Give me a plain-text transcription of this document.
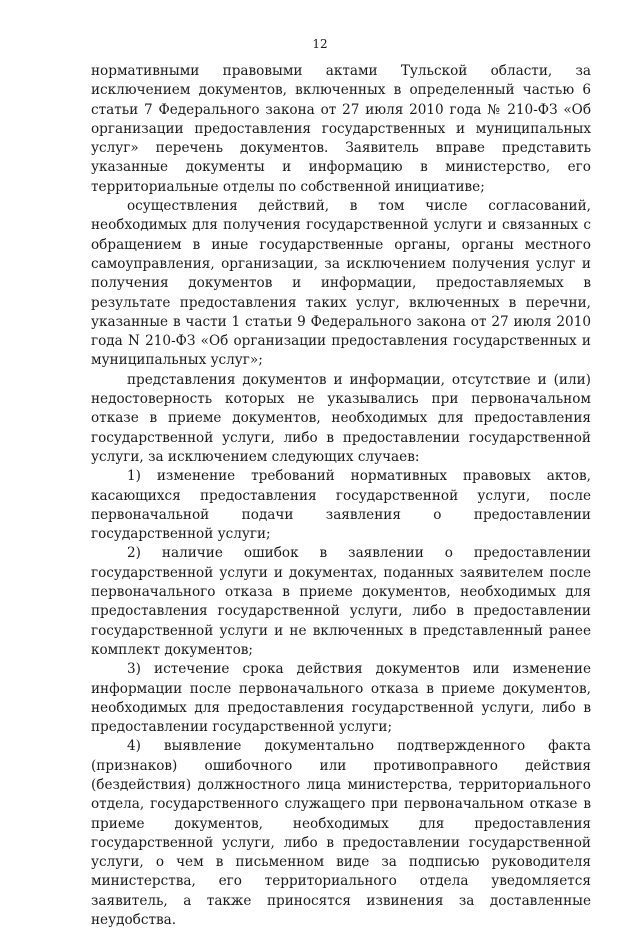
12

нормативными правовыми актами Тульской области, за исключением документов, включенных в определенный частью 6 статьи 7 Федерального закона от 27 июля 2010 года № 210-ФЗ «Об организации предоставления государственных и муниципальных услуг» перечень документов. Заявитель вправе представить указанные документы и информацию в министерство, его территориальные отделы по собственной инициативе;

осуществления действий, в том числе согласований, необходимых для получения государственной услуги и связанных с обращением в иные государственные органы, органы местного самоуправления, организации, за исключением получения услуг и получения документов и информации, предоставляемых в результате предоставления таких услуг, включенных в перечни, указанные в части 1 статьи 9 Федерального закона от 27 июля 2010 года N 210-ФЗ «Об организации предоставления государственных и муниципальных услуг»;

представления документов и информации, отсутствие и (или) недостоверность которых не указывались при первоначальном отказе в приеме документов, необходимых для предоставления государственной услуги, либо в предоставлении государственной услуги, за исключением следующих случаев:

1) изменение требований нормативных правовых актов, касающихся предоставления государственной услуги, после первоначальной подачи заявления о предоставлении государственной услуги;

2) наличие ошибок в заявлении о предоставлении государственной услуги и документах, поданных заявителем после первоначального отказа в приеме документов, необходимых для предоставления государственной услуги, либо в предоставлении государственной услуги и не включенных в представленный ранее комплект документов;

3) истечение срока действия документов или изменение информации после первоначального отказа в приеме документов, необходимых для предоставления государственной услуги, либо в предоставлении государственной услуги;

4) выявление документально подтвержденного факта (признаков) ошибочного или противоправного действия (бездействия) должностного лица министерства, территориального отдела, государственного служащего при первоначальном отказе в приеме документов, необходимых для предоставления государственной услуги, либо в предоставлении государственной услуги, о чем в письменном виде за подписью руководителя министерства, его территориального отдела уведомляется заявитель, а также приносятся извинения за доставленные неудобства.
